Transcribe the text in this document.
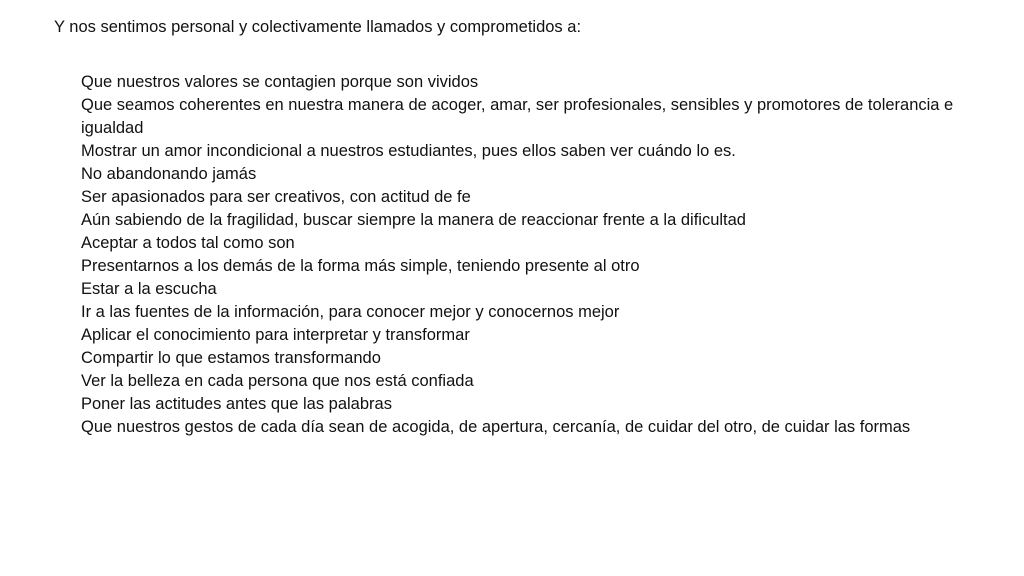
Y nos sentimos personal y colectivamente llamados y comprometidos a:
Que nuestros valores se contagien porque son vividos
Que seamos coherentes en nuestra manera de acoger, amar, ser profesionales, sensibles y promotores de tolerancia e igualdad
Mostrar un amor incondicional a nuestros estudiantes, pues ellos saben ver cuándo lo es.
No abandonando jamás
Ser apasionados para ser creativos, con actitud de fe
Aún sabiendo de la fragilidad, buscar siempre la manera de reaccionar frente a la dificultad
Aceptar a todos tal como son
Presentarnos a los demás de la forma más simple, teniendo presente al otro
Estar a la escucha
Ir a las fuentes de la información, para conocer mejor y conocernos mejor
Aplicar el conocimiento para interpretar y transformar
Compartir lo que estamos transformando
Ver la belleza en cada persona que nos está confiada
Poner las actitudes antes que las palabras
Que nuestros gestos de cada día sean de acogida, de apertura, cercanía, de cuidar del otro, de cuidar las formas
